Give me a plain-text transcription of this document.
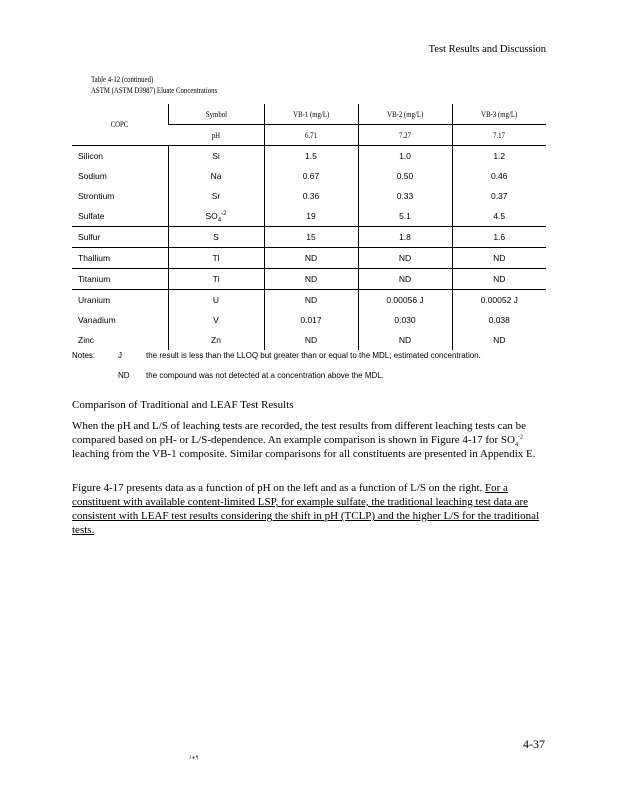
Test Results and Discussion
Table 4-12 (continued)
ASTM (ASTM D3987) Eluate Concentrations
COPC	Symbol	VB-1 (mg/L)	VB-2 (mg/L)	VB-3 (mg/L)
	pH	6.71	7.27	7.17
Silicon	Si	1.5	1.0	1.2
Sodium	Na	0.67	0.50	0.46
Strontium	Sr	0.36	0.33	0.37
Sulfate	$SO_4^{-2}$	19	5.1	4.5
Sulfur	S	15	1.8	1.6
Thallium	Tl	ND	ND	ND
Titanium	Ti	ND	ND	ND
Uranium	U	ND	0.00056 J	0.00052 J
Vanadium	V	0.017	0.030	0.038
Zinc	Zn	ND	ND	ND
Notes:	J	the result is less than the LLOQ but greater than or equal to the MDL; estimated concentration.
ND the compound was not detected at a concentration above the MDL.
Comparison of Traditional and LEAF Test Results
When the pH and L/S of leaching tests are recorded, the test results from different leaching tests can be compared based on pH- or L/S-dependence. An example comparison is shown in Figure 4-17 for $SO_4^{-2}$ leaching from the VB-1 composite. Similar comparisons for all constituents are presented in Appendix E.
Figure 4-17 presents data as a function of pH on the left and as a function of L/S on the right. For a constituent with available content-limited LSP, for example sulfate, the traditional leaching test data are consistent with LEAF test results considering the shift in pH (TCLP) and the higher L/S for the traditional tests.
4-37
J ♦ ¶
